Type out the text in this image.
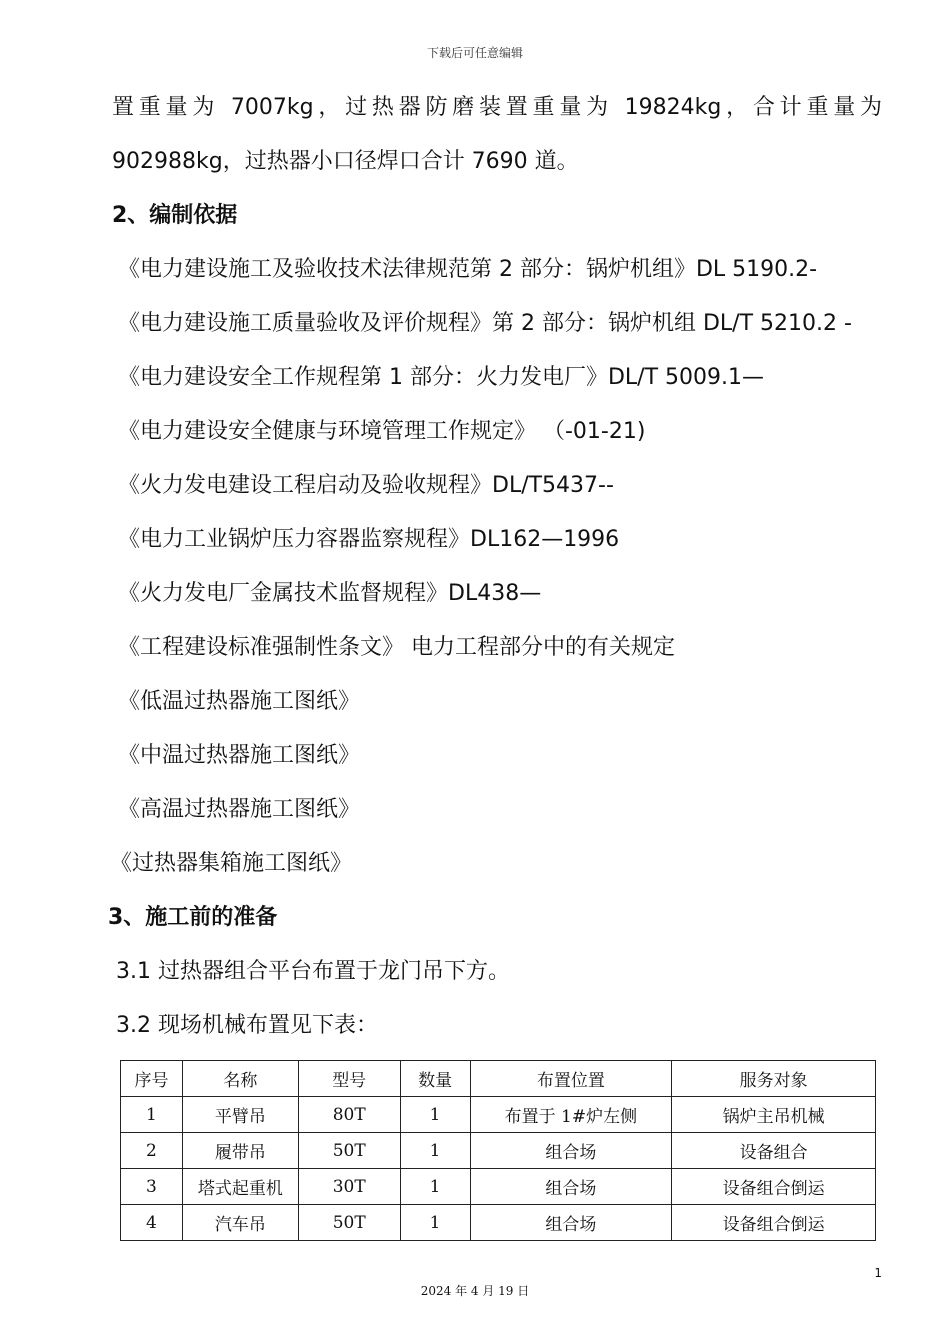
下载后可任意编辑
置重量为 7007kg，过热器防磨装置重量为 19824kg，合计重量为
902988kg，过热器小口径焊口合计 7690 道。
2、编制依据
《电力建设施工及验收技术法律规范第 2 部分：锅炉机组》DL 5190.2-
《电力建设施工质量验收及评价规程》第 2 部分：锅炉机组 DL/T 5210.2 -
《电力建设安全工作规程第 1 部分：火力发电厂》DL/T 5009.1—
《电力建设安全健康与环境管理工作规定》 （-01-21)
《火力发电建设工程启动及验收规程》DL/T5437--
《电力工业锅炉压力容器监察规程》DL162—1996
《火力发电厂金属技术监督规程》DL438—
《工程建设标准强制性条文》 电力工程部分中的有关规定
《低温过热器施工图纸》
《中温过热器施工图纸》
《高温过热器施工图纸》
《过热器集箱施工图纸》
3、施工前的准备
3.1 过热器组合平台布置于龙门吊下方。
3.2 现场机械布置见下表：
序号	名称	型号	数量	布置位置	服务对象
1	平臂吊	80T	1	布置于 1#炉左侧	锅炉主吊机械
2	履带吊	50T	1	组合场	设备组合
3	塔式起重机	30T	1	组合场	设备组合倒运
4	汽车吊	50T	1	组合场	设备组合倒运
1
2024 年 4 月 19 日
